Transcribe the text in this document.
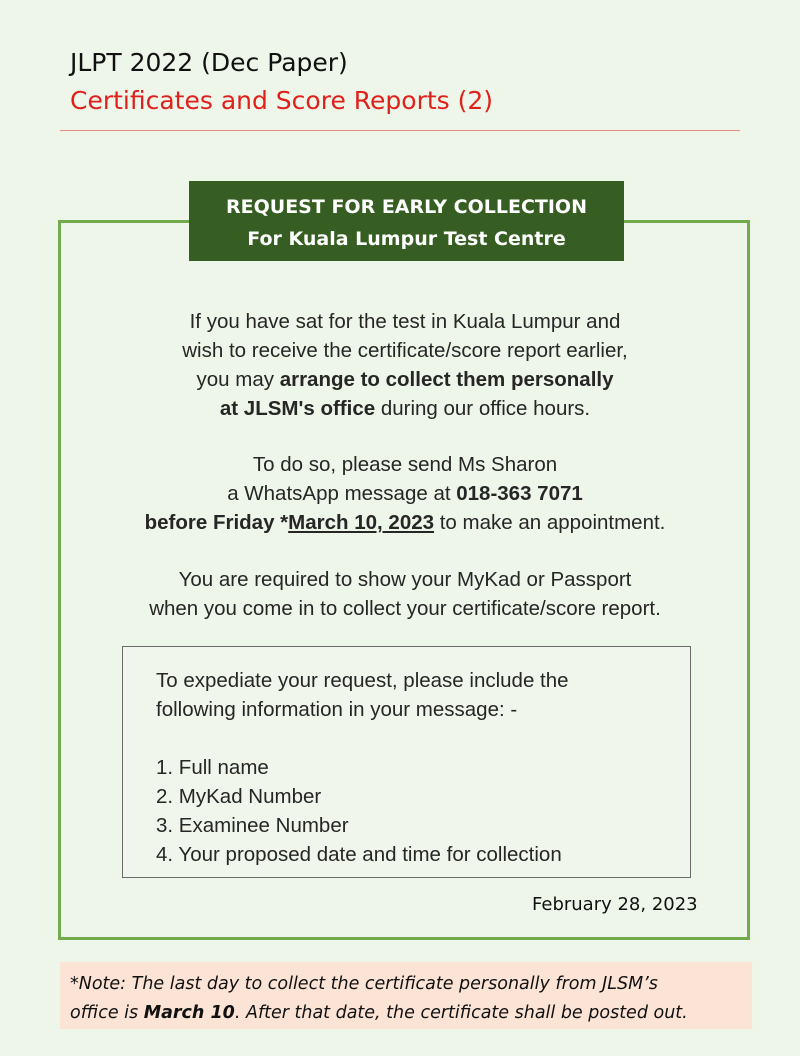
JLPT 2022 (Dec Paper)
Certificates and Score Reports (2)
REQUEST FOR EARLY COLLECTION
For Kuala Lumpur Test Centre
If you have sat for the test in Kuala Lumpur and
wish to receive the certificate/score report earlier,
you may arrange to collect them personally
at JLSM's office during our office hours.
To do so, please send Ms Sharon
a WhatsApp message at 018-363 7071
before Friday *March 10, 2023 to make an appointment.
You are required to show your MyKad or Passport
when you come in to collect your certificate/score report.
To expediate your request, please include the
following information in your message: -
1. Full name
2. MyKad Number
3. Examinee Number
4. Your proposed date and time for collection
February 28, 2023
*Note: The last day to collect the certificate personally from JLSM’s
office is March 10. After that date, the certificate shall be posted out.
